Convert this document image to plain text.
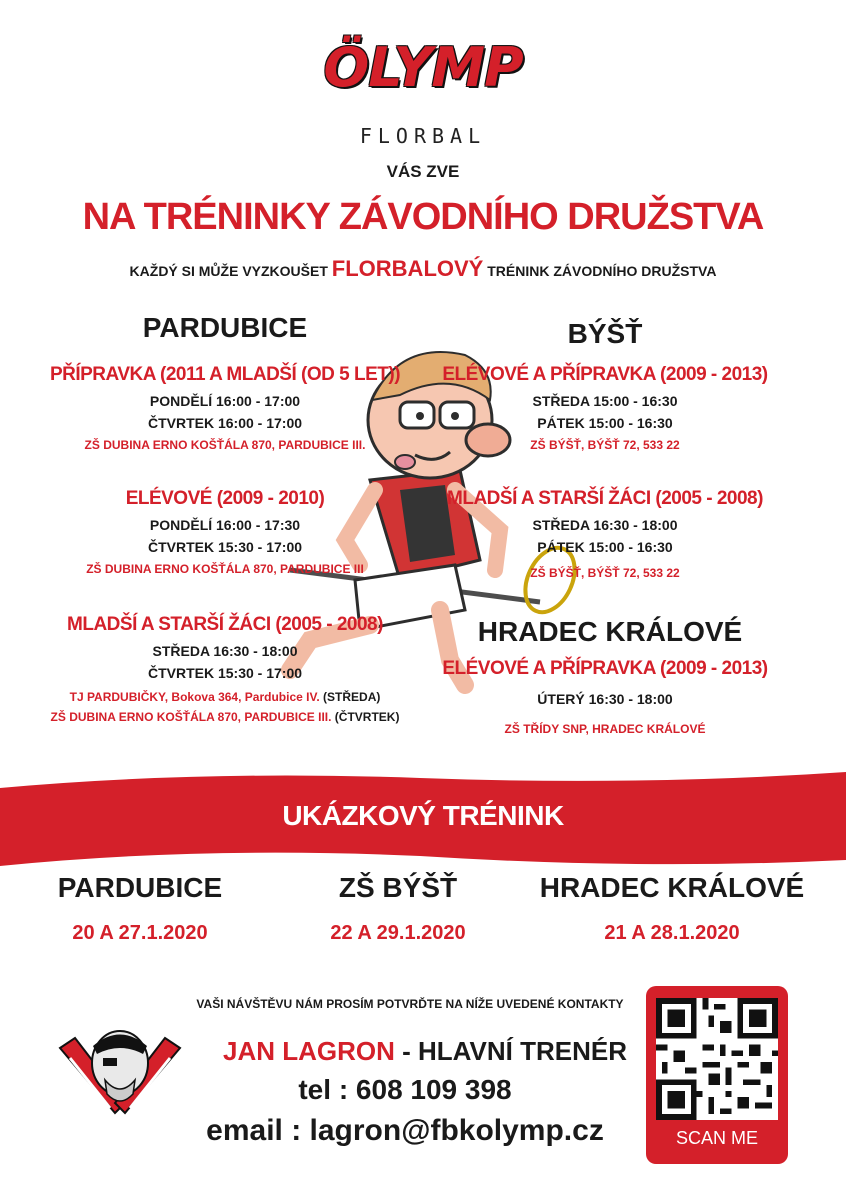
ÖLYMP
FLORBAL
VÁS ZVE
NA TRÉNINKY ZÁVODNÍHO DRUŽSTVA
KAŽDÝ SI MŮŽE VYZKOUŠET FLORBALOVÝ TRÉNINK ZÁVODNÍHO DRUŽSTVA
PARDUBICE
PŘÍPRAVKA (2011 A MLADŠÍ (OD 5 LET))
PONDĚLÍ 16:00 - 17:00
ČTVRTEK 16:00 - 17:00
ZŠ DUBINA ERNO KOŠŤÁLA 870, PARDUBICE III.
ELÉVOVÉ (2009 - 2010)
PONDĚLÍ 16:00 - 17:30
ČTVRTEK 15:30 - 17:00
ZŠ DUBINA ERNO KOŠŤÁLA 870, PARDUBICE III
MLADŠÍ A STARŠÍ ŽÁCI (2005 - 2008)
STŘEDA 16:30 - 18:00
ČTVRTEK 15:30 - 17:00
TJ PARDUBIČKY, Bokova 364, Pardubice IV. (STŘEDA)
ZŠ DUBINA ERNO KOŠŤÁLA 870, PARDUBICE III. (ČTVRTEK)
BÝŠŤ
ELÉVOVÉ A PŘÍPRAVKA (2009 - 2013)
STŘEDA 15:00 - 16:30
PÁTEK 15:00 - 16:30
ZŠ BÝŠŤ, BÝŠŤ 72, 533 22
MLADŠÍ A STARŠÍ ŽÁCI (2005 - 2008)
STŘEDA 16:30 - 18:00
PÁTEK 15:00 - 16:30
ZŠ BÝŠŤ, BÝŠŤ 72, 533 22
HRADEC KRÁLOVÉ
ELÉVOVÉ A PŘÍPRAVKA (2009 - 2013)
ÚTERÝ 16:30 - 18:00
ZŠ TŘÍDY SNP, HRADEC KRÁLOVÉ
UKÁZKOVÝ TRÉNINK
PARDUBICE
20 A 27.1.2020
ZŠ BÝŠŤ
22 A 29.1.2020
HRADEC KRÁLOVÉ
21 A 28.1.2020
VAŠI NÁVŠTĚVU NÁM PROSÍM POTVRĎTE NA NÍŽE UVEDENÉ KONTAKTY
JAN LAGRON - HLAVNÍ TRENÉR
tel : 608 109 398
email : lagron@fbkolymp.cz	SCAN ME
